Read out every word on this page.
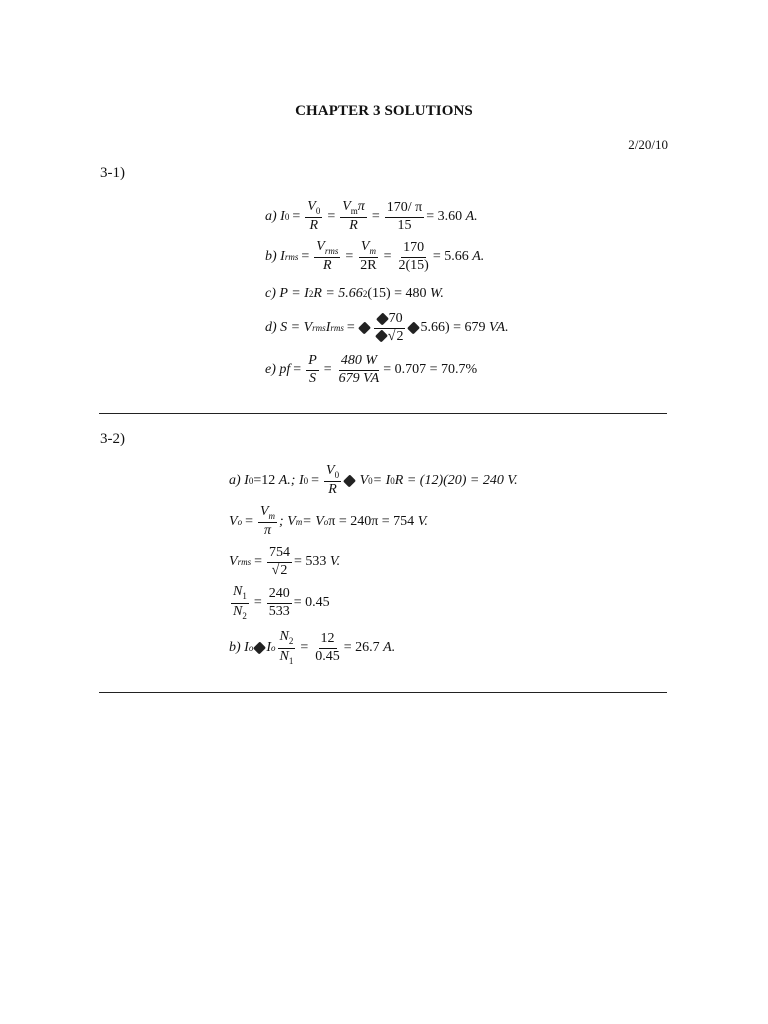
CHAPTER 3 SOLUTIONS
2/20/10
3-1)
a)
I $0 = \frac{V_0}{R} = \frac{V_m\pi}{R} = \frac{170/ \pi}{15} = 3.60$
A.
b)
I rms = $\frac{V_{rms}}{R} = \frac{V_m}{2R} = \frac{170}{2(15)} = 5.66$
A.
c)
P = I 2 R = 5.66 2 (15) = 480
W.
d)
S = V rms I rms = $\frac{70}{√2} 5.66) = 679$
VA.
e)
pf = $\frac{P}{S} = \frac{480 W}{679 VA} = 0.707 = 70.7\%$
3-2)
a)
I 0 =12
A.;
I $0 = \frac{V_0}{R}$
V 0 = I 0 R = (12)(20) = 240
V.
V $o = \frac{V_m}{\pi}$ ; V m = V o π = 240π = 754
V.
V rms = $\frac{754}{√2} = 533$
V.
$\frac{N_1}{N_2} = \frac{240}{533} = 0.45$
b)
I o I o $\frac{N_2}{N_1} = \frac{12}{0.45} = 26.7$
A.
